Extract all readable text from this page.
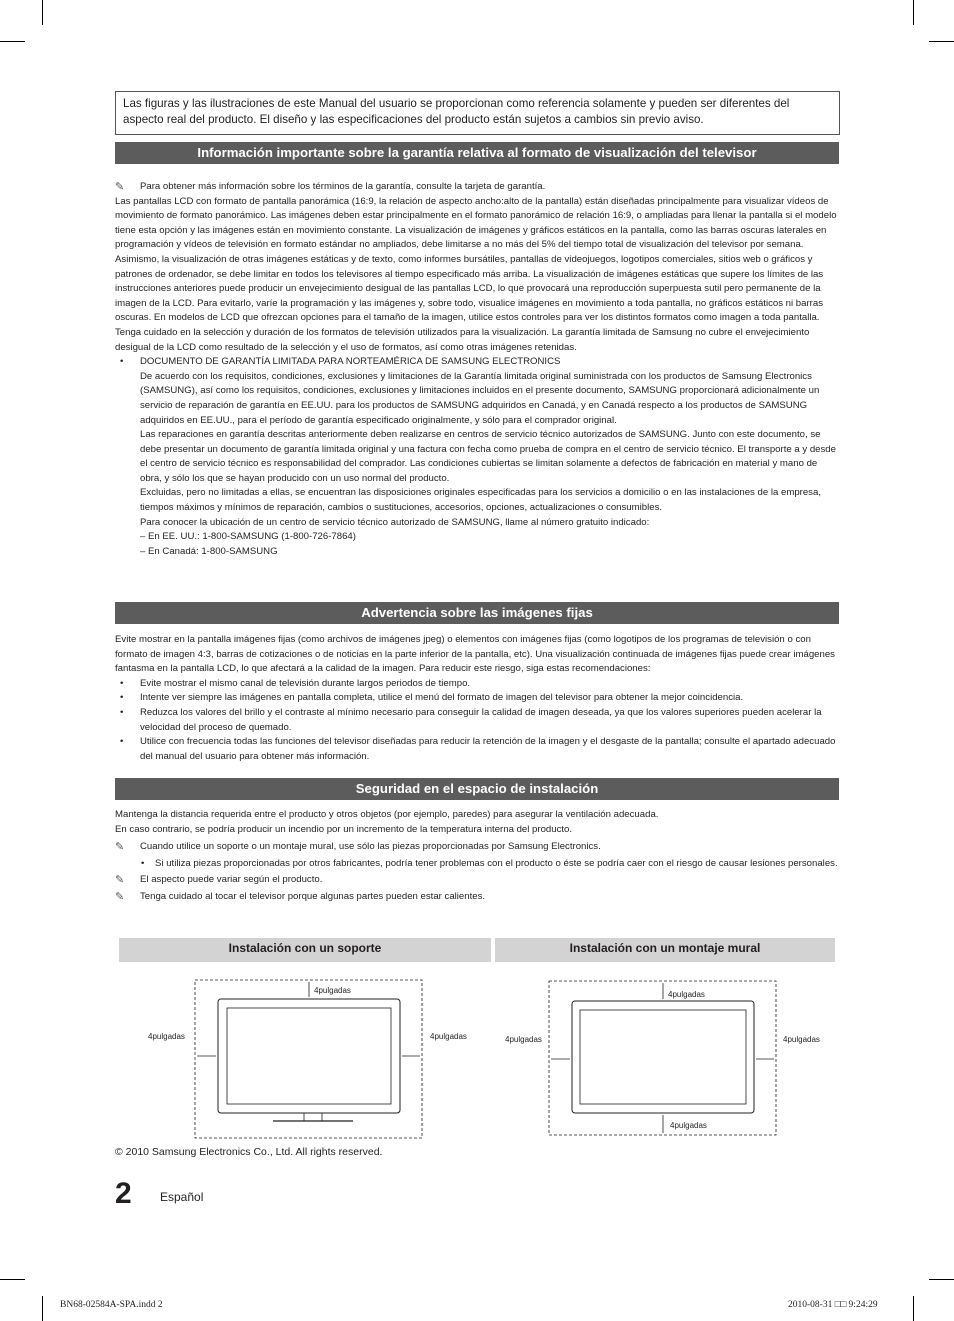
Las figuras y las ilustraciones de este Manual del usuario se proporcionan como referencia solamente y pueden ser diferentes del aspecto real del producto. El diseño y las especificaciones del producto están sujetos a cambios sin previo aviso.
Información importante sobre la garantía relativa al formato de visualización del televisor

✎ Para obtener más información sobre los términos de la garantía, consulte la tarjeta de garantía.

Las pantallas LCD con formato de pantalla panorámica (16:9, la relación de aspecto ancho:alto de la pantalla) están diseñadas principalmente para visualizar vídeos de movimiento de formato panorámico. Las imágenes deben estar principalmente en el formato panorámico de relación 16:9, o ampliadas para llenar la pantalla si el modelo tiene esta opción y las imágenes están en movimiento constante. La visualización de imágenes y gráficos estáticos en la pantalla, como las barras oscuras laterales en programación y vídeos de televisión en formato estándar no ampliados, debe limitarse a no más del 5% del tiempo total de visualización del televisor por semana.

Asimismo, la visualización de otras imágenes estáticas y de texto, como informes bursátiles, pantallas de videojuegos, logotipos comerciales, sitios web o gráficos y patrones de ordenador, se debe limitar en todos los televisores al tiempo especificado más arriba. La visualización de imágenes estáticas que supere los límites de las instrucciones anteriores puede producir un envejecimiento desigual de las pantallas LCD, lo que provocará una reproducción superpuesta sutil pero permanente de la imagen de la LCD. Para evitarlo, varíe la programación y las imágenes y, sobre todo, visualice imágenes en movimiento a toda pantalla, no gráficos estáticos ni barras oscuras. En modelos de LCD que ofrezcan opciones para el tamaño de la imagen, utilice estos controles para ver los distintos formatos como imagen a toda pantalla.

Tenga cuidado en la selección y duración de los formatos de televisión utilizados para la visualización. La garantía limitada de Samsung no cubre el envejecimiento desigual de la LCD como resultado de la selección y el uso de formatos, así como otras imágenes retenidas.

• DOCUMENTO DE GARANTÍA LIMITADA PARA NORTEAMÉRICA DE SAMSUNG ELECTRONICS

De acuerdo con los requisitos, condiciones, exclusiones y limitaciones de la Garantía limitada original suministrada con los productos de Samsung Electronics (SAMSUNG), así como los requisitos, condiciones, exclusiones y limitaciones incluidos en el presente documento, SAMSUNG proporcionará adicionalmente un servicio de reparación de garantía en EE.UU. para los productos de SAMSUNG adquiridos en Canadá, y en Canadá respecto a los productos de SAMSUNG adquiridos en EE.UU., para el período de garantía especificado originalmente, y sólo para el comprador original.

Las reparaciones en garantía descritas anteriormente deben realizarse en centros de servicio técnico autorizados de SAMSUNG. Junto con este documento, se debe presentar un documento de garantía limitada original y una factura con fecha como prueba de compra en el centro de servicio técnico. El transporte a y desde el centro de servicio técnico es responsabilidad del comprador. Las condiciones cubiertas se limitan solamente a defectos de fabricación en material y mano de obra, y sólo los que se hayan producido con un uso normal del producto.

Excluidas, pero no limitadas a ellas, se encuentran las disposiciones originales especificadas para los servicios a domicilio o en las instalaciones de la empresa, tiempos máximos y mínimos de reparación, cambios o sustituciones, accesorios, opciones, actualizaciones o consumibles.

Para conocer la ubicación de un centro de servicio técnico autorizado de SAMSUNG, llame al número gratuito indicado:

– En EE. UU.: 1-800-SAMSUNG (1-800-726-7864)

– En Canadá: 1-800-SAMSUNG

Advertencia sobre las imágenes fijas

Evite mostrar en la pantalla imágenes fijas (como archivos de imágenes jpeg) o elementos con imágenes fijas (como logotipos de los programas de televisión o con formato de imagen 4:3, barras de cotizaciones o de noticias en la parte inferior de la pantalla, etc). Una visualización continuada de imágenes fijas puede crear imágenes fantasma en la pantalla LCD, lo que afectará a la calidad de la imagen. Para reducir este riesgo, siga estas recomendaciones:

• Evite mostrar el mismo canal de televisión durante largos periodos de tiempo.

• Intente ver siempre las imágenes en pantalla completa, utilice el menú del formato de imagen del televisor para obtener la mejor coincidencia.

• Reduzca los valores del brillo y el contraste al mínimo necesario para conseguir la calidad de imagen deseada, ya que los valores superiores pueden acelerar la velocidad del proceso de quemado.

• Utilice con frecuencia todas las funciones del televisor diseñadas para reducir la retención de la imagen y el desgaste de la pantalla; consulte el apartado adecuado del manual del usuario para obtener más información.

Seguridad en el espacio de instalación

Mantenga la distancia requerida entre el producto y otros objetos (por ejemplo, paredes) para asegurar la ventilación adecuada.

En caso contrario, se podría producir un incendio por un incremento de la temperatura interna del producto.

✎ Cuando utilice un soporte o un montaje mural, use sólo las piezas proporcionadas por Samsung Electronics.

• Si utiliza piezas proporcionadas por otros fabricantes, podría tener problemas con el producto o éste se podría caer con el riesgo de causar lesiones personales.

✎ El aspecto puede variar según el producto.

✎ Tenga cuidado al tocar el televisor porque algunas partes pueden estar calientes.

Instalación con un soporte	Instalación con un montaje mural
4pulgadas
4pulgadas	4pulgadas
4pulgadas
4pulgadas
4pulgadas	4pulgadas
© 2010 Samsung Electronics Co., Ltd. All rights reserved.
2 Español
BN68-02584A-SPA.indd 2	2010-08-31 □□ 9:24:29
